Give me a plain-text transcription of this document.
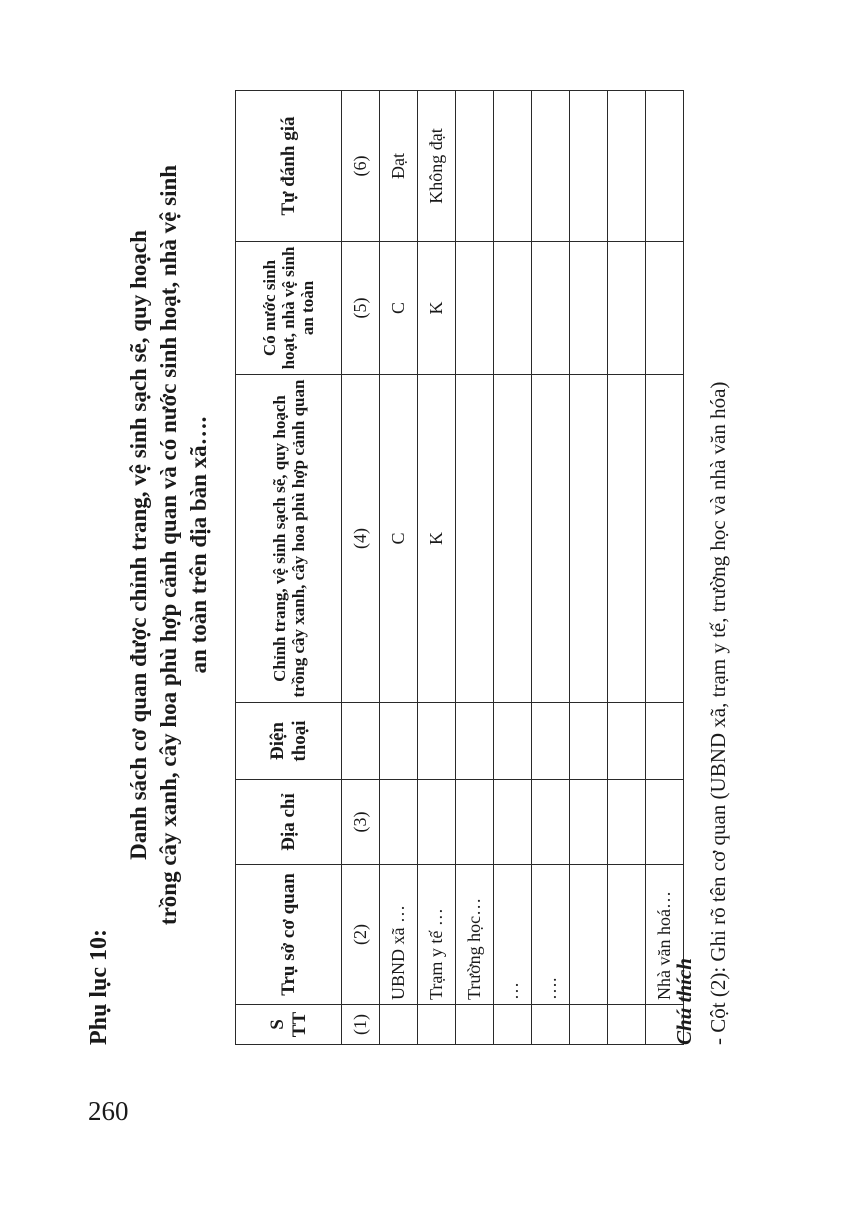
260
Phụ lục 10:
Danh sách cơ quan được chỉnh trang, vệ sinh sạch sẽ, quy hoạch trồng cây xanh, cây hoa phù hợp cảnh quan và có nước sinh hoạt, nhà vệ sinh an toàn trên địa bàn xã….
S TT	Trụ sở cơ quan	Địa chỉ	Điện thoại	Chỉnh trang, vệ sinh sạch sẽ, quy hoạch trồng cây xanh, cây hoa phù hợp cảnh quan	Có nước sinh hoạt, nhà vệ sinh an toàn	Tự đánh giá
(1)	(2)	(3)		(4)	(5)	(6)
	UBND xã …			C	C	Đạt
	Trạm y tế …			K	K	Không đạt
	Trường học…					
	…					
	….					

	Nhà văn hoá…					
Chú thích - Cột (2): Ghi rõ tên cơ quan (UBND xã, trạm y tế, trường học và nhà văn hóa)
